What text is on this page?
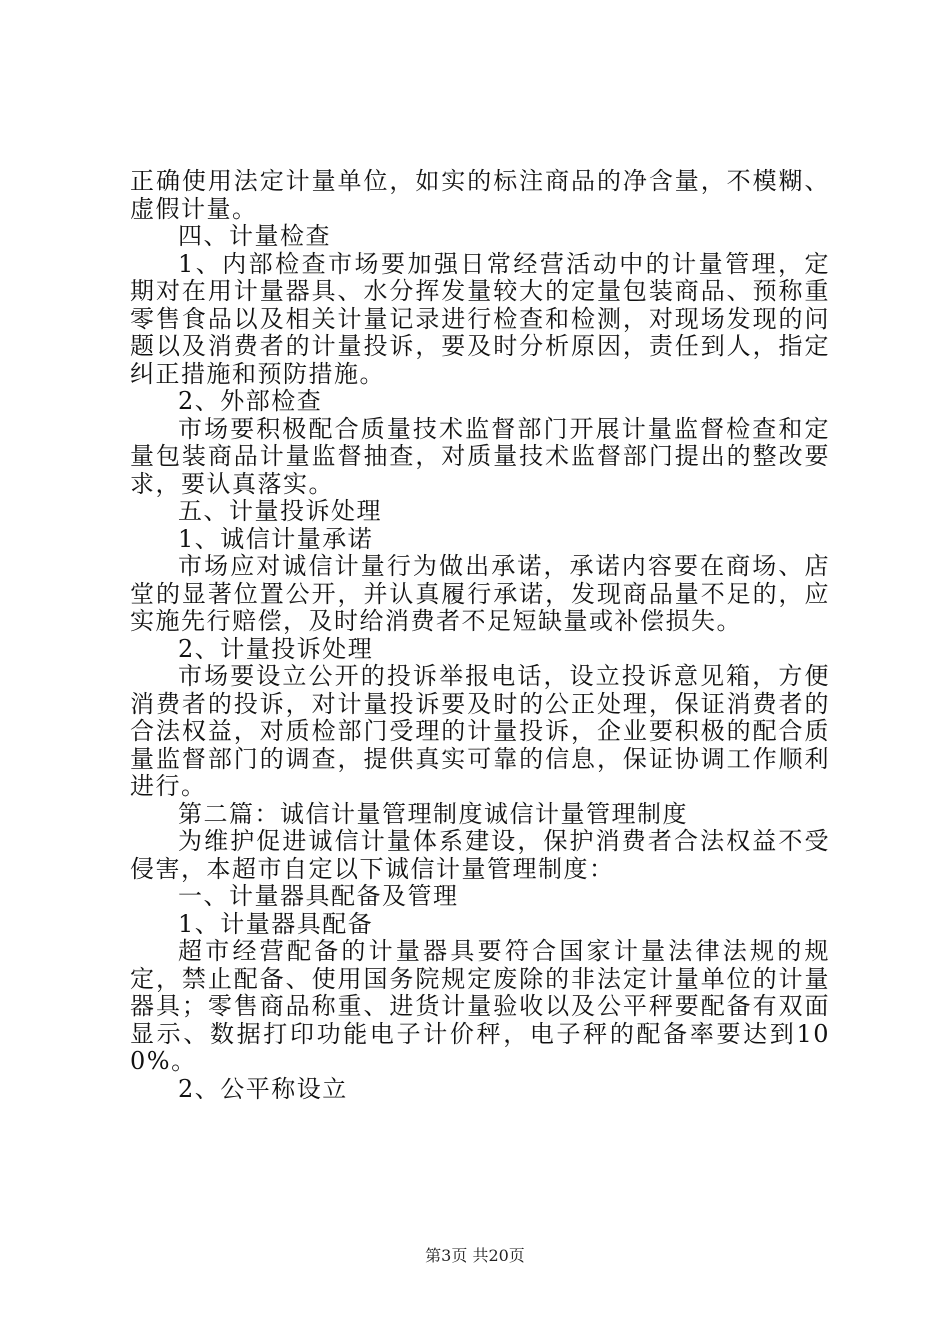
正确使用法定计量单位，如实的标注商品的净含量，不模糊、虚假计量。

四、计量检查

1、内部检查市场要加强日常经营活动中的计量管理，定期对在用计量器具、水分挥发量较大的定量包装商品、预称重零售食品以及相关计量记录进行检查和检测，对现场发现的问题以及消费者的计量投诉，要及时分析原因，责任到人，指定纠正措施和预防措施。

2、外部检查

市场要积极配合质量技术监督部门开展计量监督检查和定量包装商品计量监督抽查，对质量技术监督部门提出的整改要求，要认真落实。

五、计量投诉处理

1、诚信计量承诺

市场应对诚信计量行为做出承诺，承诺内容要在商场、店堂的显著位置公开，并认真履行承诺，发现商品量不足的，应实施先行赔偿，及时给消费者不足短缺量或补偿损失。

2、计量投诉处理

市场要设立公开的投诉举报电话，设立投诉意见箱，方便消费者的投诉，对计量投诉要及时的公正处理，保证消费者的合法权益，对质检部门受理的计量投诉，企业要积极的配合质量监督部门的调查，提供真实可靠的信息，保证协调工作顺利进行。

第二篇：诚信计量管理制度诚信计量管理制度

为维护促进诚信计量体系建设，保护消费者合法权益不受侵害，本超市自定以下诚信计量管理制度：

一、计量器具配备及管理

1、计量器具配备

超市经营配备的计量器具要符合国家计量法律法规的规定，禁止配备、使用国务院规定废除的非法定计量单位的计量器具；零售商品称重、进货计量验收以及公平秤要配备有双面显示、数据打印功能电子计价秤，电子秤的配备率要达到100%。

2、公平称设立

第3页 共20页
